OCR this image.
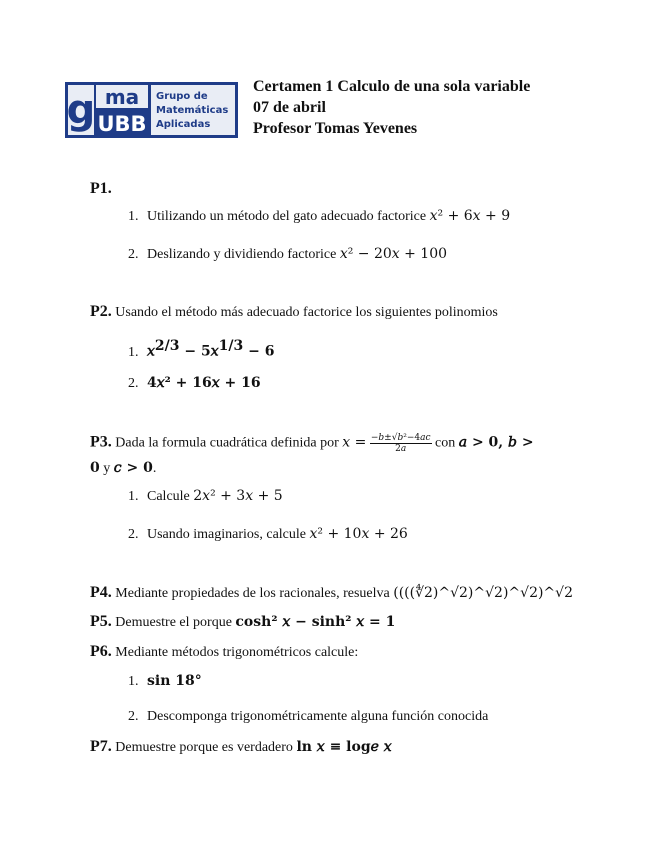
g ma
UBB
Grupo de
Matemáticas
Aplicadas
Certamen 1 Calculo de una sola variable
07 de abril
Profesor Tomas Yevenes
P1.
1. Utilizando un método del gato adecuado factorice 𝑥² + 6𝑥 + 9
2. Deslizando y dividiendo factorice 𝑥² − 20𝑥 + 100
P2. Usando el método más adecuado factorice los siguientes polinomios
1. 𝑥$^{2/3}$ − 5𝑥$^{1/3}$ − 6
2. 4𝑥² + 16𝑥 + 16
P3. Dada la formula cuadrática definida por 𝑥 = $\frac{\text{−𝑏±√𝑏²−4𝑎𝑐}}{\text{2𝑎}}$ con 𝑎 > 0, 𝑏 >
0 y 𝑐 > 0.
1. Calcule 2𝑥² + 3𝑥 + 5
2. Usando imaginarios, calcule 𝑥² + 10𝑥 + 26
P4. Mediante propiedades de los racionales, resuelva ((((∜2)^√2)^√2)^√2)^√2
P5. Demuestre el porque cosh² 𝑥 − sinh² 𝑥 = 1
P6. Mediante métodos trigonométricos calcule:
1. sin 18°
2. Descomponga trigonométricamente alguna función conocida
P7. Demuestre porque es verdadero ln 𝑥 ≡ log𝑒 𝑥
